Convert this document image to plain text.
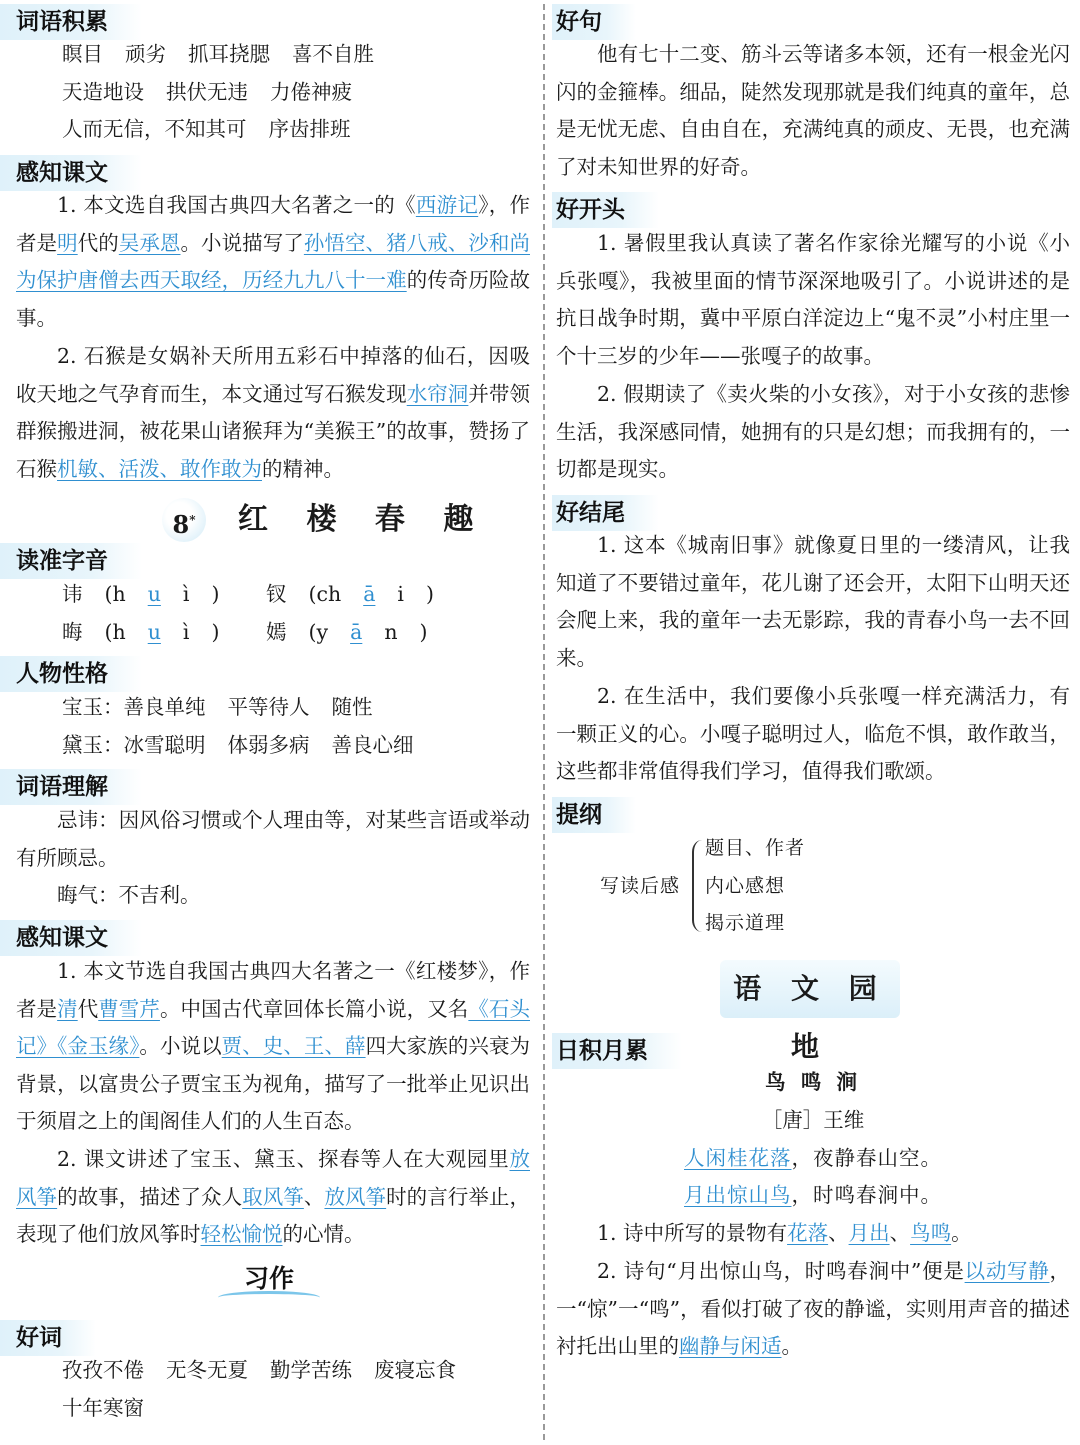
词语积累
瞑目 顽劣 抓耳挠腮 喜不自胜
天造地设 拱伏无违 力倦神疲
人而无信，不知其可 序齿排班
感知课文

1. 本文选自我国古典四大名著之一的《西游记》，作者是明代的吴承恩。小说描写了孙悟空、猪八戒、沙和尚为保护唐僧去西天取经，历经九九八十一难的传奇历险故事。

2. 石猴是女娲补天所用五彩石中掉落的仙石，因吸收天地之气孕育而生，本文通过写石猴发现水帘洞并带领群猴搬进洞，被花果山诸猴拜为“美猴王”的故事，赞扬了石猴机敏、活泼、敢作敢为的精神。

8*	红 楼 春 趣
读准字音
讳 (h u ì ) 钗 (ch ā i )
晦 (h u ì ) 嫣 (y ā n )
人物性格
宝玉：善良单纯 平等待人 随性
黛玉：冰雪聪明 体弱多病 善良心细
词语理解

忌讳：因风俗习惯或个人理由等，对某些言语或举动有所顾忌。

晦气：不吉利。

感知课文

1. 本文节选自我国古典四大名著之一《红楼梦》，作者是清代曹雪芹。中国古代章回体长篇小说，又名《石头记》《金玉缘》。小说以贾、史、王、薛四大家族的兴衰为背景，以富贵公子贾宝玉为视角，描写了一批举止见识出于须眉之上的闺阁佳人们的人生百态。

2. 课文讲述了宝玉、黛玉、探春等人在大观园里放风筝的故事，描述了众人取风筝、放风筝时的言行举止，表现了他们放风筝时轻松愉悦的心情。

习作
好词
孜孜不倦 无冬无夏 勤学苦练 废寝忘食
十年寒窗
好句

他有七十二变、筋斗云等诸多本领，还有一根金光闪闪的金箍棒。细品，陡然发现那就是我们纯真的童年，总是无忧无虑、自由自在，充满纯真的顽皮、无畏，也充满了对未知世界的好奇。

好开头

1. 暑假里我认真读了著名作家徐光耀写的小说《小兵张嘎》，我被里面的情节深深地吸引了。小说讲述的是抗日战争时期，冀中平原白洋淀边上“鬼不灵”小村庄里一个十三岁的少年——张嘎子的故事。

2. 假期读了《卖火柴的小女孩》，对于小女孩的悲惨生活，我深感同情，她拥有的只是幻想；而我拥有的，一切都是现实。

好结尾

1. 这本《城南旧事》就像夏日里的一缕清风，让我知道了不要错过童年，花儿谢了还会开，太阳下山明天还会爬上来，我的童年一去无影踪，我的青春小鸟一去不回来。

2. 在生活中，我们要像小兵张嘎一样充满活力，有一颗正义的心。小嘎子聪明过人，临危不惧，敢作敢当，这些都非常值得我们学习，值得我们歌颂。

提纲
写读后感
题目、作者
内心感想
揭示道理
语 文 园 地
日积月累
鸟 鸣 涧
［唐］王维
人闲桂花落，夜静春山空。
月出惊山鸟，时鸣春涧中。

1. 诗中所写的景物有花落、月出、鸟鸣。

2. 诗句“月出惊山鸟，时鸣春涧中”便是以动写静，一“惊”一“鸣”，看似打破了夜的静谧，实则用声音的描述衬托出山里的幽静与闲适。
